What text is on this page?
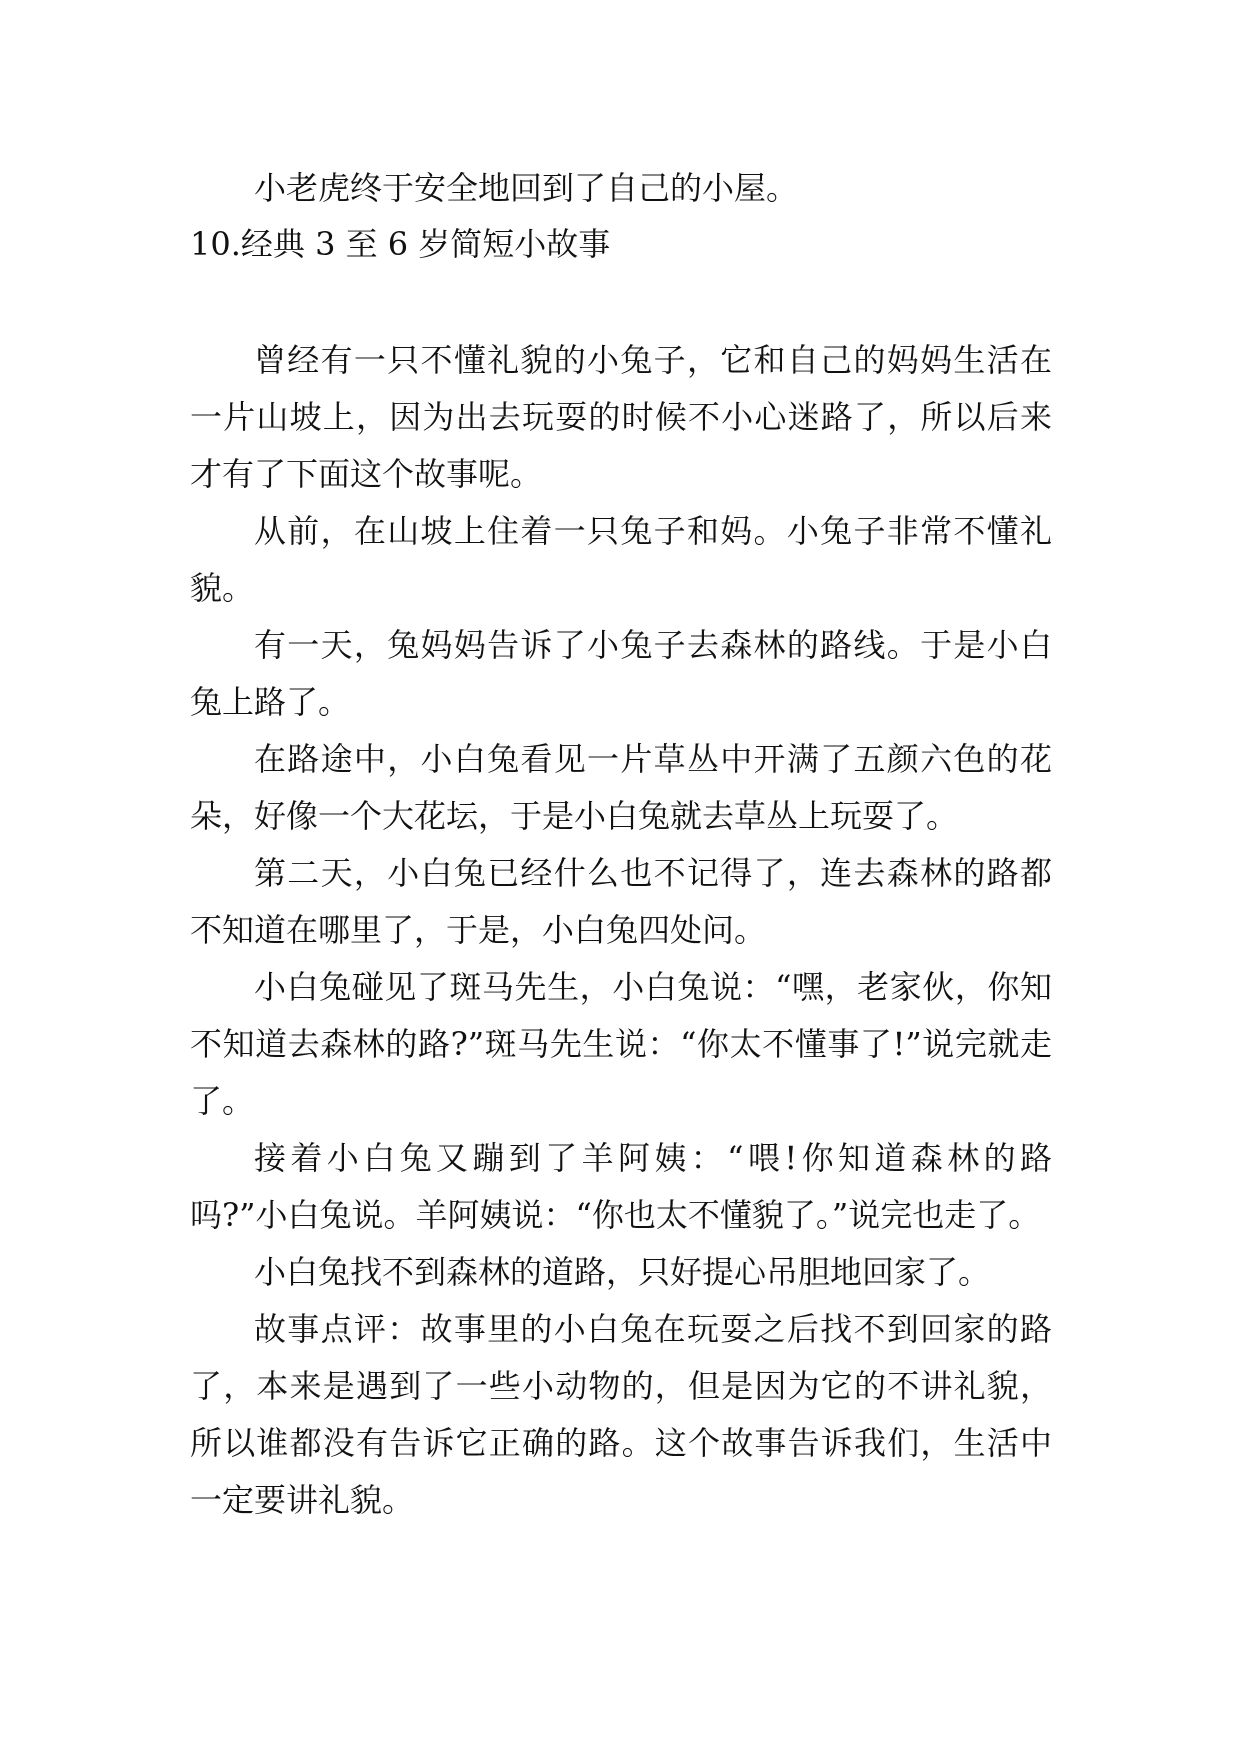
小老虎终于安全地回到了自己的小屋。
10.经典 3 至 6 岁简短小故事

曾经有一只不懂礼貌的小兔子，它和自己的妈妈生活在一片山坡上，因为出去玩耍的时候不小心迷路了，所以后来才有了下面这个故事呢。

从前，在山坡上住着一只兔子和妈。小兔子非常不懂礼貌。

有一天，兔妈妈告诉了小兔子去森林的路线。于是小白兔上路了。

在路途中，小白兔看见一片草丛中开满了五颜六色的花朵，好像一个大花坛，于是小白兔就去草丛上玩耍了。

第二天，小白兔已经什么也不记得了，连去森林的路都不知道在哪里了，于是，小白兔四处问。

小白兔碰见了斑马先生，小白兔说：“嘿，老家伙，你知不知道去森林的路?”斑马先生说：“你太不懂事了!”说完就走了。

接着小白兔又蹦到了羊阿姨：“喂!你知道森林的路吗?”小白兔说。羊阿姨说：“你也太不懂貌了。”说完也走了。

小白兔找不到森林的道路，只好提心吊胆地回家了。

故事点评：故事里的小白兔在玩耍之后找不到回家的路了，本来是遇到了一些小动物的，但是因为它的不讲礼貌，所以谁都没有告诉它正确的路。这个故事告诉我们，生活中一定要讲礼貌。
